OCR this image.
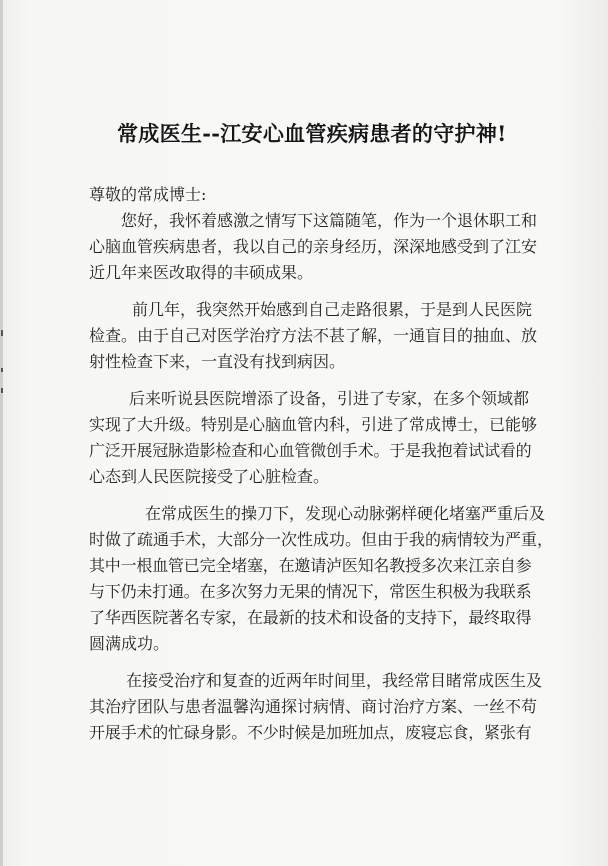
常成医生--江安心血管疾病患者的守护神!
尊敬的常成博士:
您好，我怀着感激之情写下这篇随笔，作为一个退休职工和
心脑血管疾病患者，我以自己的亲身经历，深深地感受到了江安
近几年来医改取得的丰硕成果。
前几年，我突然开始感到自己走路很累，于是到人民医院
检查。由于自己对医学治疗方法不甚了解，一通盲目的抽血、放
射性检查下来，一直没有找到病因。
后来听说县医院增添了设备，引进了专家，在多个领域都
实现了大升级。特别是心脑血管内科，引进了常成博士，已能够
广泛开展冠脉造影检查和心血管微创手术。于是我抱着试试看的
心态到人民医院接受了心脏检查。
在常成医生的操刀下，发现心动脉粥样硬化堵塞严重后及
时做了疏通手术，大部分一次性成功。但由于我的病情较为严重，
其中一根血管已完全堵塞，在邀请泸医知名教授多次来江亲自参
与下仍未打通。在多次努力无果的情况下，常医生积极为我联系
了华西医院著名专家，在最新的技术和设备的支持下，最终取得
圆满成功。
在接受治疗和复查的近两年时间里，我经常目睹常成医生及
其治疗团队与患者温馨沟通探讨病情、商讨治疗方案、一丝不苟
开展手术的忙碌身影。不少时候是加班加点，废寝忘食，紧张有
